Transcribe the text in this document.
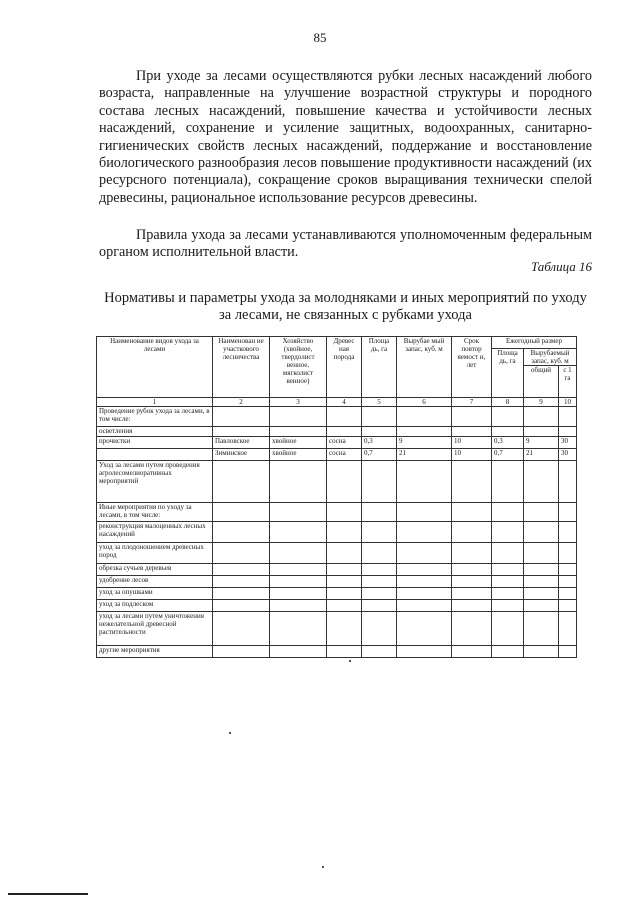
85

При уходе за лесами осуществляются рубки лесных насаждений любого возраста, направленные на улучшение возрастной структуры и породного состава лесных насаждений, повышение качества и устойчивости лесных насаждений, сохранение и усиление защитных, водоохранных, санитарно-гигиенических свойств лесных насаждений, поддержание и восстановление биологического разнообразия лесов повышение продуктивности насаждений (их ресурсного потенциала), сокращение сроков выращивания технически спелой древесины, рациональное использование ресурсов древесины.

Правила ухода за лесами устанавливаются уполномоченным федеральным органом исполнительной власти.

Таблица 16

Нормативы и параметры ухода за молодняками и иных мероприятий по уходу за лесами, не связанных с рубками ухода

Наименование видов ухода за лесами	Наименован ие участкового лесничества	Хозяйство (хвойное, твердолист венное, мягколист венное)	Древес ная порода	Площа дь, га	Вырубае мый запас, куб. м	Срок повтор яемост и, лет	Ежегодный размер		
							Площа дь, га	Вырубаемый запас, куб. м	
								общий	с 1 га
1	2	3	4	5	6	7	8	9	10
Проведение рубок ухода за лесами, в том числе:									
осветления									
прочистки	Павловское	хвойное	сосна	0,3	9	10	0,3	9	30
	Зиминское	хвойное	сосна	0,7	21	10	0,7	21	30
Уход за лесами путем проведения агролесомелиоративных мероприятий									
Иные мероприятия по уходу за лесами, в том числе:									
реконструкция малоценных лесных насаждений									
уход за плодоношением древесных пород									
обрезка сучьев деревьев									
удобрение лесов									
уход за опушками									
уход за подлеском									
уход за лесами путем уничтожения нежелательной древесной растительности									
другие мероприятия									
